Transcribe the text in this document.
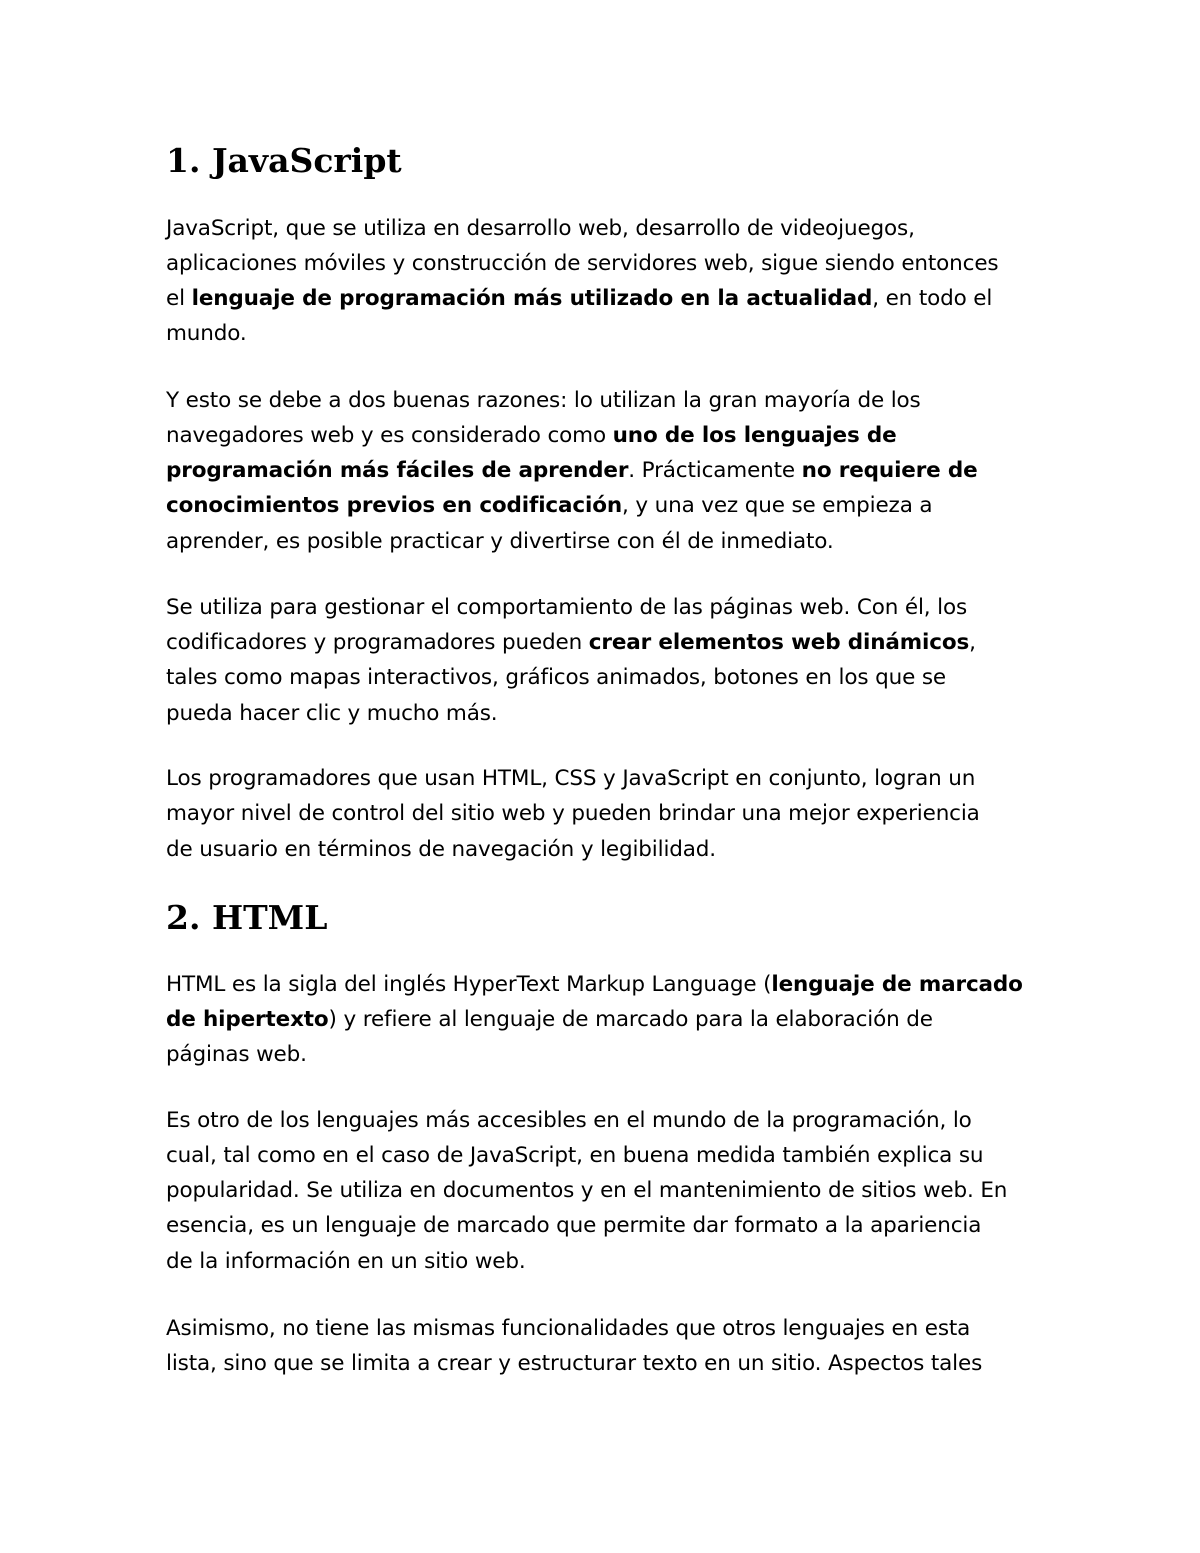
1. JavaScript

JavaScript, que se utiliza en desarrollo web, desarrollo de videojuegos,

aplicaciones móviles y construcción de servidores web, sigue siendo entonces

el lenguaje de programación más utilizado en la actualidad, en todo el

mundo.

Y esto se debe a dos buenas razones: lo utilizan la gran mayoría de los

navegadores web y es considerado como uno de los lenguajes de

programación más fáciles de aprender. Prácticamente no requiere de

conocimientos previos en codificación, y una vez que se empieza a

aprender, es posible practicar y divertirse con él de inmediato.

Se utiliza para gestionar el comportamiento de las páginas web. Con él, los

codificadores y programadores pueden crear elementos web dinámicos,

tales como mapas interactivos, gráficos animados, botones en los que se

pueda hacer clic y mucho más.

Los programadores que usan HTML, CSS y JavaScript en conjunto, logran un

mayor nivel de control del sitio web y pueden brindar una mejor experiencia

de usuario en términos de navegación y legibilidad.

2. HTML

HTML es la sigla del inglés HyperText Markup Language (lenguaje de marcado

de hipertexto) y refiere al lenguaje de marcado para la elaboración de

páginas web.

Es otro de los lenguajes más accesibles en el mundo de la programación, lo

cual, tal como en el caso de JavaScript, en buena medida también explica su

popularidad. Se utiliza en documentos y en el mantenimiento de sitios web. En

esencia, es un lenguaje de marcado que permite dar formato a la apariencia

de la información en un sitio web.

Asimismo, no tiene las mismas funcionalidades que otros lenguajes en esta

lista, sino que se limita a crear y estructurar texto en un sitio. Aspectos tales
